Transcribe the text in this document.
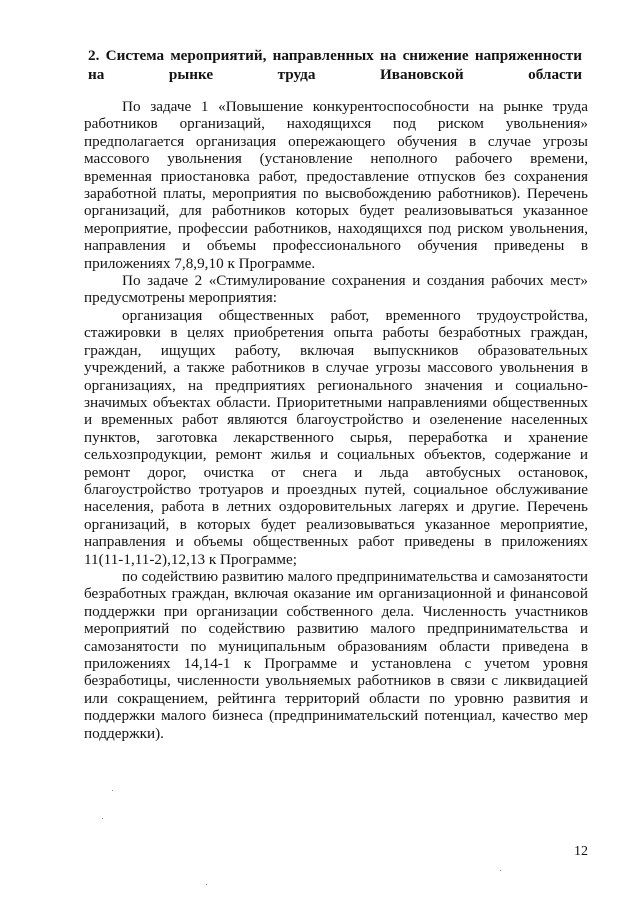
2. Система мероприятий, направленных на снижение напряженности
на рынке труда Ивановской области
По задаче 1 «Повышение конкурентоспособности на рынке труда
работников организаций, находящихся под риском увольнения»
предполагается организация опережающего обучения в случае угрозы
массового увольнения (установление неполного рабочего времени,
временная приостановка работ, предоставление отпусков без сохранения
заработной платы, мероприятия по высвобождению работников). Перечень
организаций, для работников которых будет реализовываться указанное
мероприятие, профессии работников, находящихся под риском увольнения,
направления и объемы профессионального обучения приведены в
приложениях 7,8,9,10 к Программе.
По задаче 2 «Стимулирование сохранения и создания рабочих мест»
предусмотрены мероприятия:
организация общественных работ, временного трудоустройства,
стажировки в целях приобретения опыта работы безработных граждан,
граждан, ищущих работу, включая выпускников образовательных
учреждений, а также работников в случае угрозы массового увольнения в
организациях, на предприятиях регионального значения и социально-
значимых объектах области. Приоритетными направлениями общественных
и временных работ являются благоустройство и озеленение населенных
пунктов, заготовка лекарственного сырья, переработка и хранение
сельхозпродукции, ремонт жилья и социальных объектов, содержание и
ремонт дорог, очистка от снега и льда автобусных остановок,
благоустройство тротуаров и проездных путей, социальное обслуживание
населения, работа в летних оздоровительных лагерях и другие. Перечень
организаций, в которых будет реализовываться указанное мероприятие,
направления и объемы общественных работ приведены в приложениях
11(11-1,11-2),12,13 к Программе;
по содействию развитию малого предпринимательства и самозанятости
безработных граждан, включая оказание им организационной и финансовой
поддержки при организации собственного дела. Численность участников
мероприятий по содействию развитию малого предпринимательства и
самозанятости по муниципальным образованиям области приведена в
приложениях 14,14-1 к Программе и установлена с учетом уровня
безработицы, численности увольняемых работников в связи с ликвидацией
или сокращением, рейтинга территорий области по уровню развития и
поддержки малого бизнеса (предпринимательский потенциал, качество мер
поддержки).
12
